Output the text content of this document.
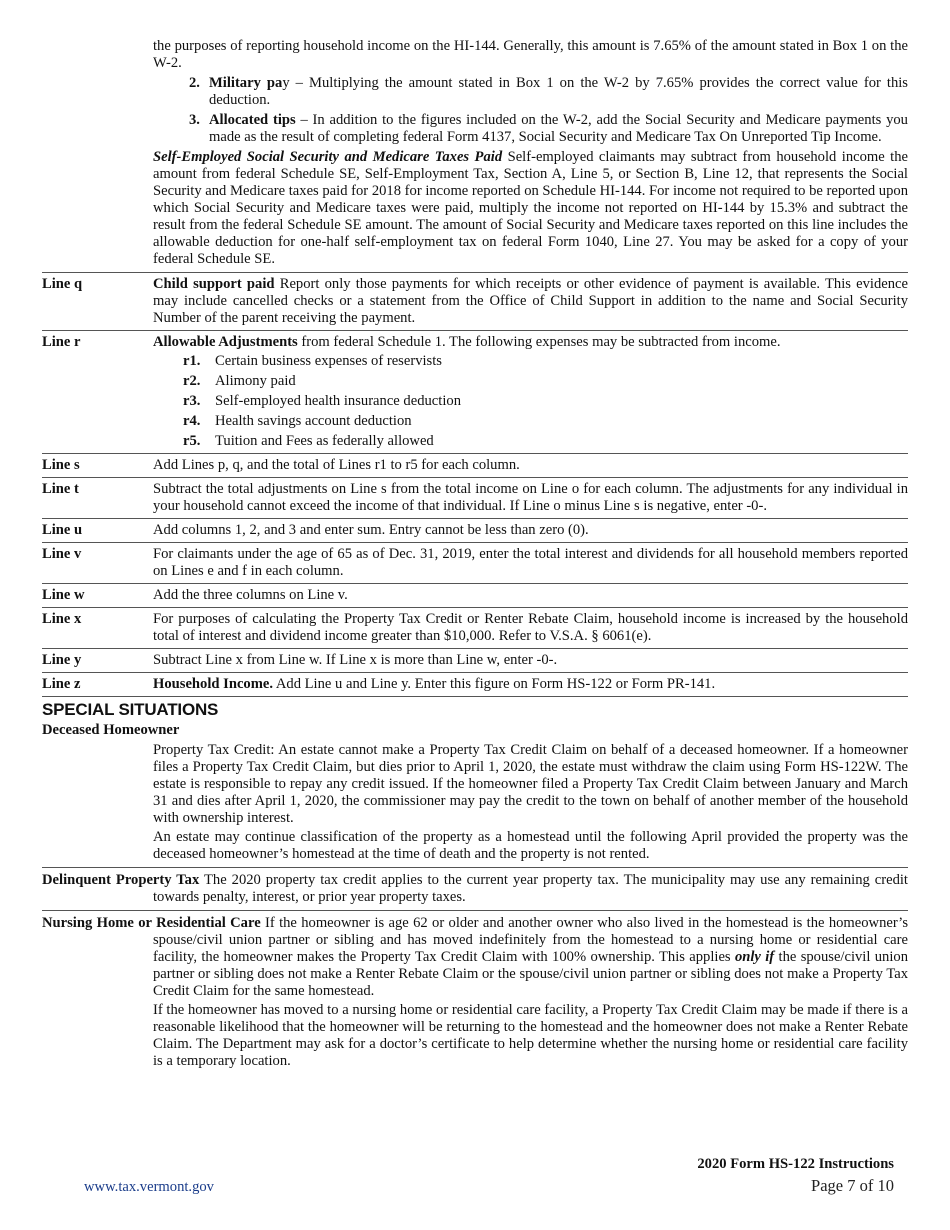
the purposes of reporting household income on the HI-144. Generally, this amount is 7.65% of the amount stated in Box 1 on the W-2.

2. Military pay – Multiplying the amount stated in Box 1 on the W-2 by 7.65% provides the correct value for this deduction.
3. Allocated tips – In addition to the figures included on the W-2, add the Social Security and Medicare payments you made as the result of completing federal Form 4137, Social Security and Medicare Tax On Unreported Tip Income.

Self-Employed Social Security and Medicare Taxes Paid Self-employed claimants may subtract from household income the amount from federal Schedule SE, Self-Employment Tax, Section A, Line 5, or Section B, Line 12, that represents the Social Security and Medicare taxes paid for 2018 for income reported on Schedule HI-144. For income not required to be reported upon which Social Security and Medicare taxes were paid, multiply the income not reported on HI-144 by 15.3% and subtract the result from the federal Schedule SE amount. The amount of Social Security and Medicare taxes reported on this line includes the allowable deduction for one-half self-employment tax on federal Form 1040, Line 27. You may be asked for a copy of your federal Schedule SE.

Line q	Child support paid Report only those payments for which receipts or other evidence of payment is available. This evidence may include cancelled checks or a statement from the Office of Child Support in addition to the name and Social Security Number of the parent receiving the payment.

Line r	Allowable Adjustments from federal Schedule 1. The following expenses may be subtracted from income.

r1. Certain business expenses of reservists
r2. Alimony paid
r3. Self-employed health insurance deduction
r4. Health savings account deduction
r5. Tuition and Fees as federally allowed
Line s	Add Lines p, q, and the total of Lines r1 to r5 for each column.

Line t	Subtract the total adjustments on Line s from the total income on Line o for each column. The adjustments for any individual in your household cannot exceed the income of that individual. If Line o minus Line s is negative, enter -0-.

Line u	Add columns 1, 2, and 3 and enter sum. Entry cannot be less than zero (0).

Line v	For claimants under the age of 65 as of Dec. 31, 2019, enter the total interest and dividends for all household members reported on Lines e and f in each column.

Line w	Add the three columns on Line v.

Line x	For purposes of calculating the Property Tax Credit or Renter Rebate Claim, household income is increased by the household total of interest and dividend income greater than $10,000. Refer to V.S.A. § 6061(e).

Line y	Subtract Line x from Line w. If Line x is more than Line w, enter -0-.

Line z	Household Income. Add Line u and Line y. Enter this figure on Form HS-122 or Form PR-141.

SPECIAL SITUATIONS
Deceased Homeowner

Property Tax Credit: An estate cannot make a Property Tax Credit Claim on behalf of a deceased homeowner. If a homeowner files a Property Tax Credit Claim, but dies prior to April 1, 2020, the estate must withdraw the claim using Form HS-122W. The estate is responsible to repay any credit issued. If the homeowner filed a Property Tax Credit Claim between January and March 31 and dies after April 1, 2020, the commissioner may pay the credit to the town on behalf of another member of the household with ownership interest.

An estate may continue classification of the property as a homestead until the following April provided the property was the deceased homeowner’s homestead at the time of death and the property is not rented.

Delinquent Property Tax The 2020 property tax credit applies to the current year property tax. The municipality may use any remaining credit towards penalty, interest, or prior year property taxes.

Nursing Home or Residential Care If the homeowner is age 62 or older and another owner who also lived in the homestead is the homeowner’s spouse/civil union partner or sibling and has moved indefinitely from the homestead to a nursing home or residential care facility, the homeowner makes the Property Tax Credit Claim with 100% ownership. This applies only if the spouse/civil union partner or sibling does not make a Renter Rebate Claim or the spouse/civil union partner or sibling does not make a Property Tax Credit Claim for the same homestead.

If the homeowner has moved to a nursing home or residential care facility, a Property Tax Credit Claim may be made if there is a reasonable likelihood that the homeowner will be returning to the homestead and the homeowner does not make a Renter Rebate Claim. The Department may ask for a doctor’s certificate to help determine whether the nursing home or residential care facility is a temporary location.

2020 Form HS-122 Instructions
www.tax.vermont.gov	Page 7 of 10
